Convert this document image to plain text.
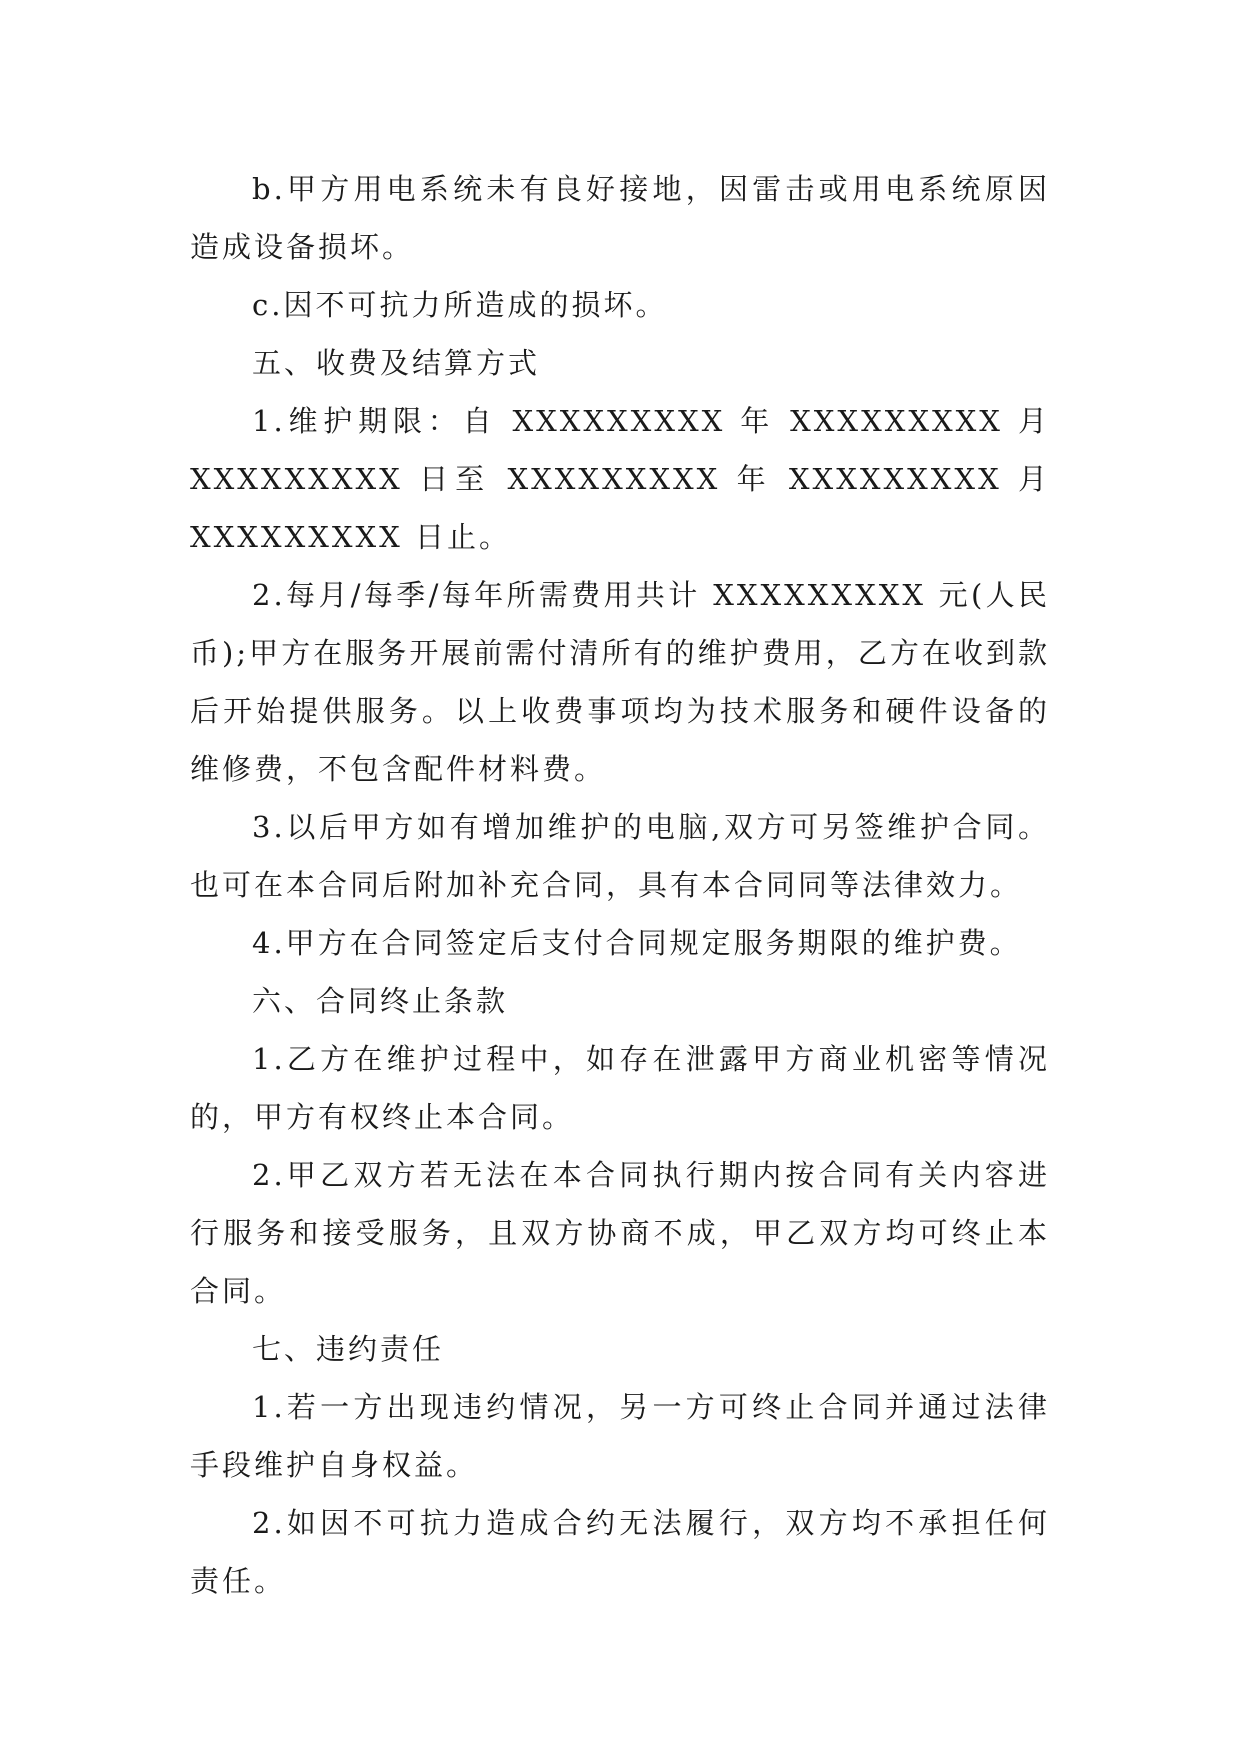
b.甲方用电系统未有良好接地，因雷击或用电系统原因造成设备损坏。

c.因不可抗力所造成的损坏。

五、收费及结算方式

1.维护期限：自 XXXXXXXXX 年 XXXXXXXXX 月 XXXXXXXXX 日至 XXXXXXXXX 年 XXXXXXXXX 月 XXXXXXXXX 日止。

2.每月/每季/每年所需费用共计 XXXXXXXXX 元(人民币);甲方在服务开展前需付清所有的维护费用，乙方在收到款后开始提供服务。以上收费事项均为技术服务和硬件设备的维修费，不包含配件材料费。

3.以后甲方如有增加维护的电脑,双方可另签维护合同。也可在本合同后附加补充合同，具有本合同同等法律效力。

4.甲方在合同签定后支付合同规定服务期限的维护费。

六、合同终止条款

1.乙方在维护过程中，如存在泄露甲方商业机密等情况的，甲方有权终止本合同。

2.甲乙双方若无法在本合同执行期内按合同有关内容进行服务和接受服务，且双方协商不成，甲乙双方均可终止本合同。

七、违约责任

1.若一方出现违约情况，另一方可终止合同并通过法律手段维护自身权益。

2.如因不可抗力造成合约无法履行，双方均不承担任何责任。
